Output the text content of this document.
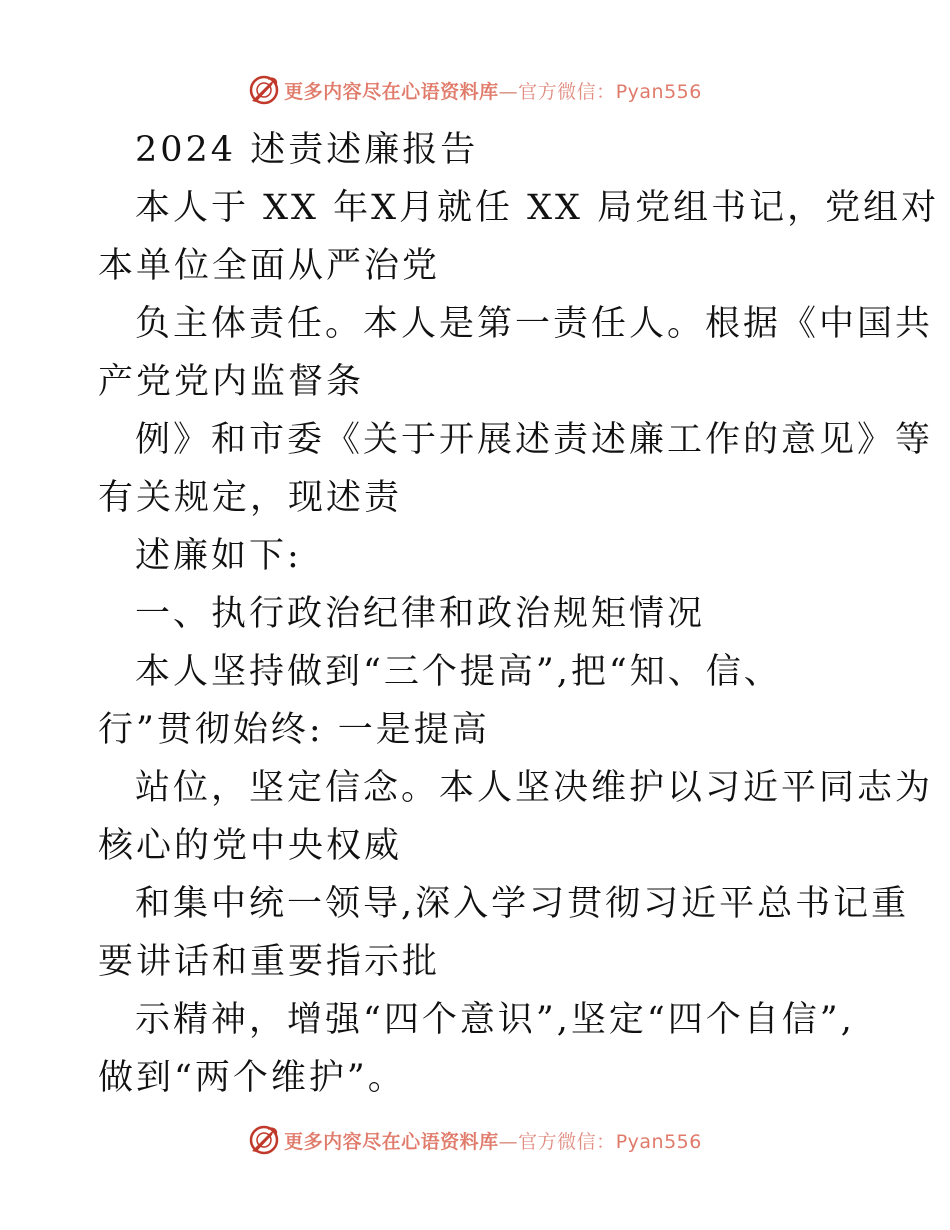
更多内容尽在心语资料库—官方微信：Pyan556
2024 述责述廉报告
本人于 XX 年X月就任 XX 局党组书记，党组对
本单位全面从严治党
负主体责任。本人是第一责任人。根据《中国共
产党党内监督条
例》和市委《关于开展述责述廉工作的意见》等
有关规定，现述责
述廉如下:
一、执行政治纪律和政治规矩情况
本人坚持做到“三个提高”,把“知、信、
行”贯彻始终: 一是提高
站位，坚定信念。本人坚决维护以习近平同志为
核心的党中央权威
和集中统一领导,深入学习贯彻习近平总书记重
要讲话和重要指示批
示精神，增强“四个意识”,坚定“四个自信”,
做到“两个维护”。
更多内容尽在心语资料库—官方微信：Pyan556
